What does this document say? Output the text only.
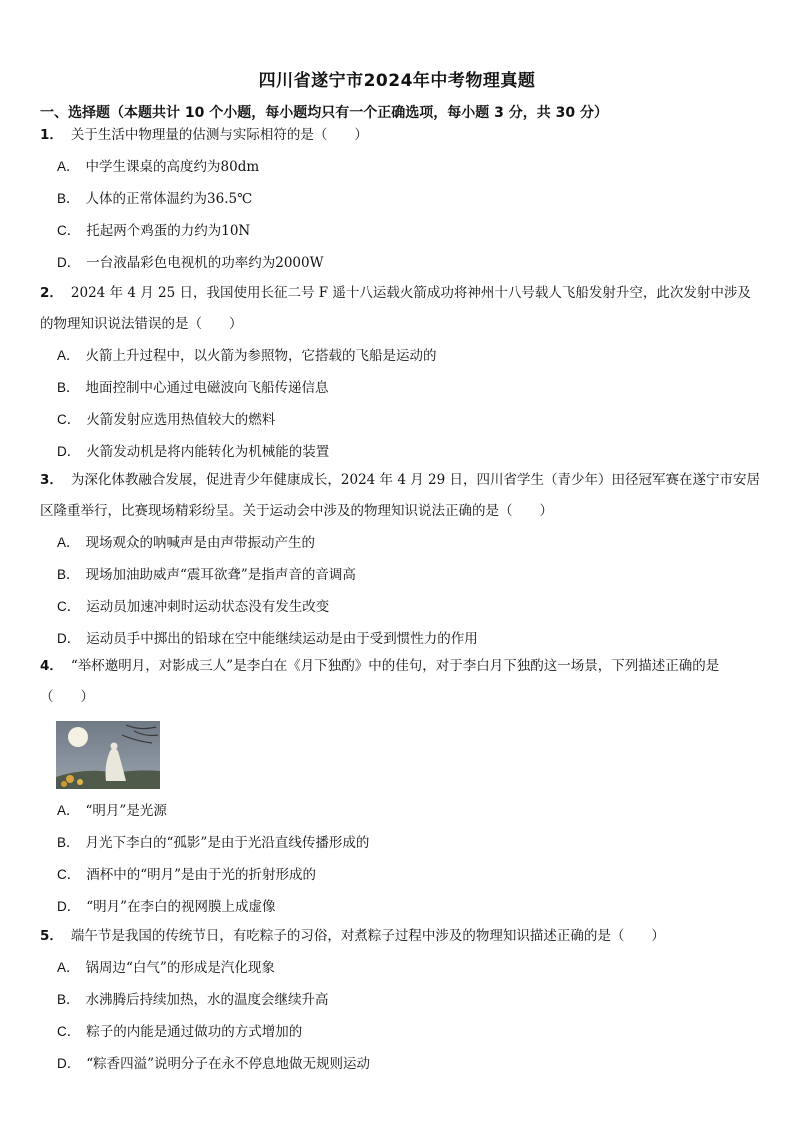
四川省遂宁市2024年中考物理真题
一、选择题（本题共计 10 个小题，每小题均只有一个正确选项，每小题 3 分，共 30 分）
1． 关于生活中物理量的估测与实际相符的是（　　）
A． 中学生课桌的高度约为80dm
B． 人体的正常体温约为36.5℃
C． 托起两个鸡蛋的力约为10N
D． 一台液晶彩色电视机的功率约为2000W
2． 2024 年 4 月 25 日，我国使用长征二号 F 遥十八运载火箭成功将神州十八号载人飞船发射升空，此次发射中涉及的物理知识说法错误的是（　　）
A． 火箭上升过程中，以火箭为参照物，它搭载的飞船是运动的
B． 地面控制中心通过电磁波向飞船传递信息
C． 火箭发射应选用热值较大的燃料
D． 火箭发动机是将内能转化为机械能的装置
3． 为深化体教融合发展，促进青少年健康成长，2024 年 4 月 29 日，四川省学生（青少年）田径冠军赛在遂宁市安居区隆重举行，比赛现场精彩纷呈。关于运动会中涉及的物理知识说法正确的是（　　）
A． 现场观众的呐喊声是由声带振动产生的
B． 现场加油助威声“震耳欲聋”是指声音的音调高
C． 运动员加速冲刺时运动状态没有发生改变
D． 运动员手中掷出的铅球在空中能继续运动是由于受到惯性力的作用
4． “举杯邀明月，对影成三人”是李白在《月下独酌》中的佳句，对于李白月下独酌这一场景，下列描述正确的是（　　）
A． “明月”是光源
B． 月光下李白的“孤影”是由于光沿直线传播形成的
C． 酒杯中的“明月”是由于光的折射形成的
D． “明月”在李白的视网膜上成虚像
5． 端午节是我国的传统节日，有吃粽子的习俗，对煮粽子过程中涉及的物理知识描述正确的是（　　）
A． 锅周边“白气”的形成是汽化现象
B． 水沸腾后持续加热，水的温度会继续升高
C． 粽子的内能是通过做功的方式增加的
D． “粽香四溢”说明分子在永不停息地做无规则运动
